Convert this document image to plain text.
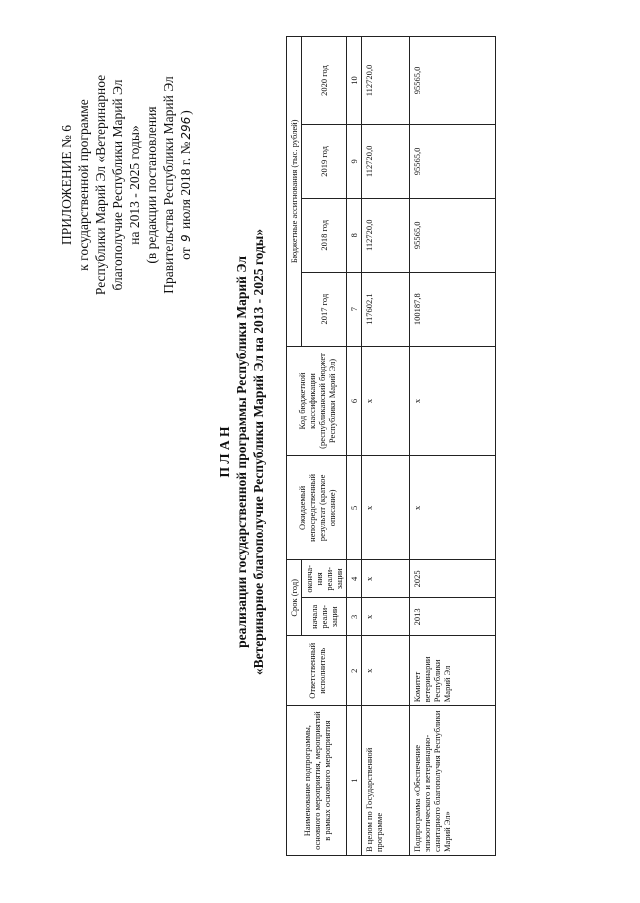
ПРИЛОЖЕНИЕ № 6 к государственной программе Республики Марий Эл «Ветеринарное благополучие Республики Марий Эл на 2013 - 2025 годы» (в редакции постановления Правительства Республики Марий Эл от 9 июля 2018 г. №296)
П Л А Н реализации государственной программы Республики Марий Эл «Ветеринарное благополучие Республики Марий Эл на 2013 - 2025 годы»
Наименование подпрограммы, основного мероприятия, мероприятий в рамках основного мероприятия	Ответственный исполнитель	Срок (год)		Ожидаемый непосредственный результат (краткое описание)	Код бюджетной классификации (республиканский бюджет Республики Марий Эл)	Бюджетные ассигнования (тыс. рублей)			
		начала реали-зации	оконча-ния реали-зации			2017 год	2018 год	2019 год	2020 год
1	2	3	4	5	6	7	8	9	10
В целом по Государственной программе	х	х	х	х	х	117602,1	112720,0	112720,0	112720,0
Подпрограмма «Обеспечение эпизоотического и ветеринарно-санитарного благополучия Республики Марий Эл»	Комитет ветеринарии Республики Марий Эл	2013	2025	х	х	100187,8	95565,0	95565,0	95565,0
